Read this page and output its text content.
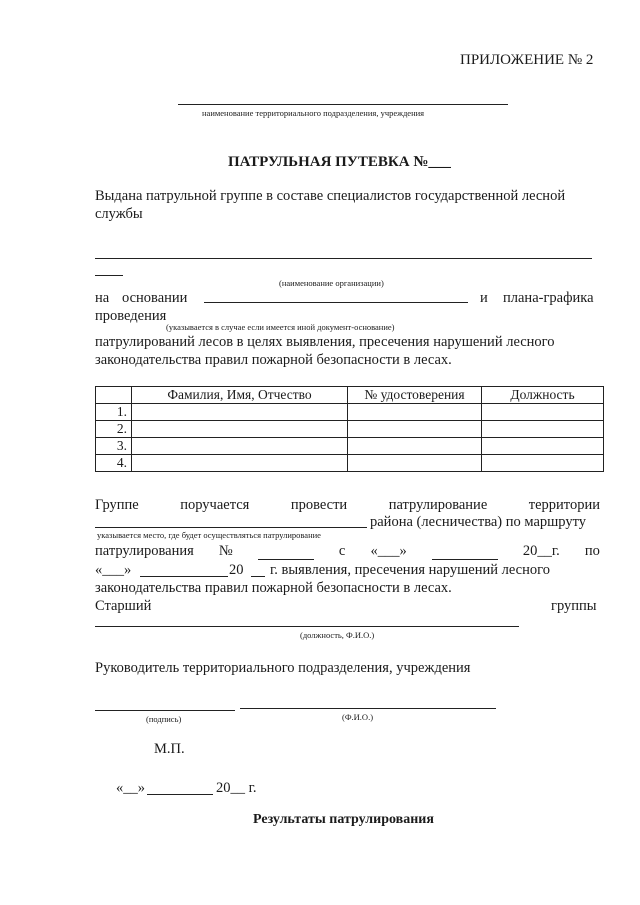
ПРИЛОЖЕНИЕ № 2
наименование территориального подразделения, учреждения
ПАТРУЛЬНАЯ ПУТЕВКА №___
Выдана патрульной группе в составе специалистов государственной лесной
службы
(наименование организации)
на основании	и плана-графика
проведения
(указывается в случае если имеется иной документ-основание)
патрулирований лесов в целях выявления, пресечения нарушений лесного
законодательства правил пожарной безопасности в лесах.
	Фамилия, Имя, Отчество	№ удостоверения	Должность
1.			
2.			
3.			
4.			
Группе	поручается	провести	патрулирование	территории
района (лесничества) по маршруту
указывается место, где будет осуществляться патрулирование
патрулирования №	с «___»	20__г. по
«___»	20 г. выявления, пресечения нарушений лесного
законодательства правил пожарной безопасности в лесах.
Старший	группы
(должность, Ф.И.О.)
Руководитель территориального подразделения, учреждения
(подпись)	(Ф.И.О.)
М.П.
«__»	20__ г.
Результаты патрулирования
